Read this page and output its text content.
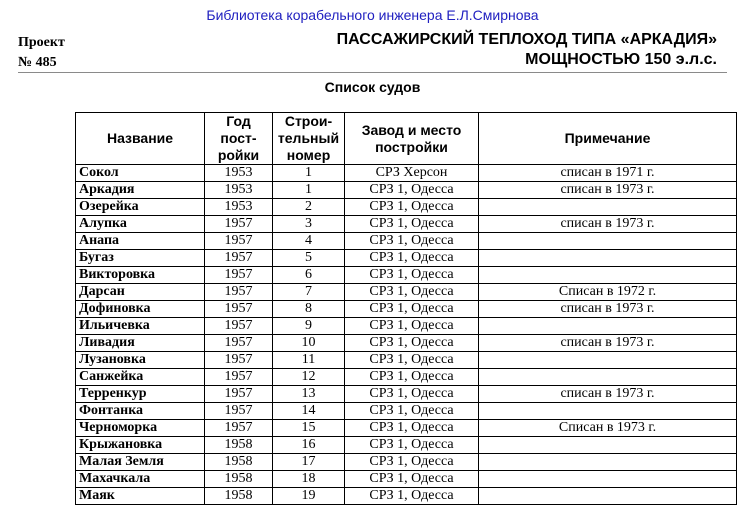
Библиотека корабельного инженера Е.Л.Смирнова
Проект
№ 485
ПАССАЖИРСКИЙ ТЕПЛОХОД ТИПА «АРКАДИЯ»
МОЩНОСТЬЮ 150 э.л.с.
Список судов
Название	Год пост-ройки	Строи-тельный номер	Завод и место постройки	Примечание
Сокол	1953	1	СРЗ Херсон	списан в 1971 г.
Аркадия	1953	1	СРЗ 1, Одесса	списан в 1973 г.
Озерейка	1953	2	СРЗ 1, Одесса	
Алупка	1957	3	СРЗ 1, Одесса	списан в 1973 г.
Анапа	1957	4	СРЗ 1, Одесса	
Бугаз	1957	5	СРЗ 1, Одесса	
Викторовка	1957	6	СРЗ 1, Одесса	
Дарсан	1957	7	СРЗ 1, Одесса	Списан в 1972 г.
Дофиновка	1957	8	СРЗ 1, Одесса	списан в 1973 г.
Ильичевка	1957	9	СРЗ 1, Одесса	
Ливадия	1957	10	СРЗ 1, Одесса	списан в 1973 г.
Лузановка	1957	11	СРЗ 1, Одесса	
Санжейка	1957	12	СРЗ 1, Одесса	
Терренкур	1957	13	СРЗ 1, Одесса	списан в 1973 г.
Фонтанка	1957	14	СРЗ 1, Одесса	
Черноморка	1957	15	СРЗ 1, Одесса	Списан в 1973 г.
Крыжановка	1958	16	СРЗ 1, Одесса	
Малая Земля	1958	17	СРЗ 1, Одесса	
Махачкала	1958	18	СРЗ 1, Одесса	
Маяк	1958	19	СРЗ 1, Одесса	
